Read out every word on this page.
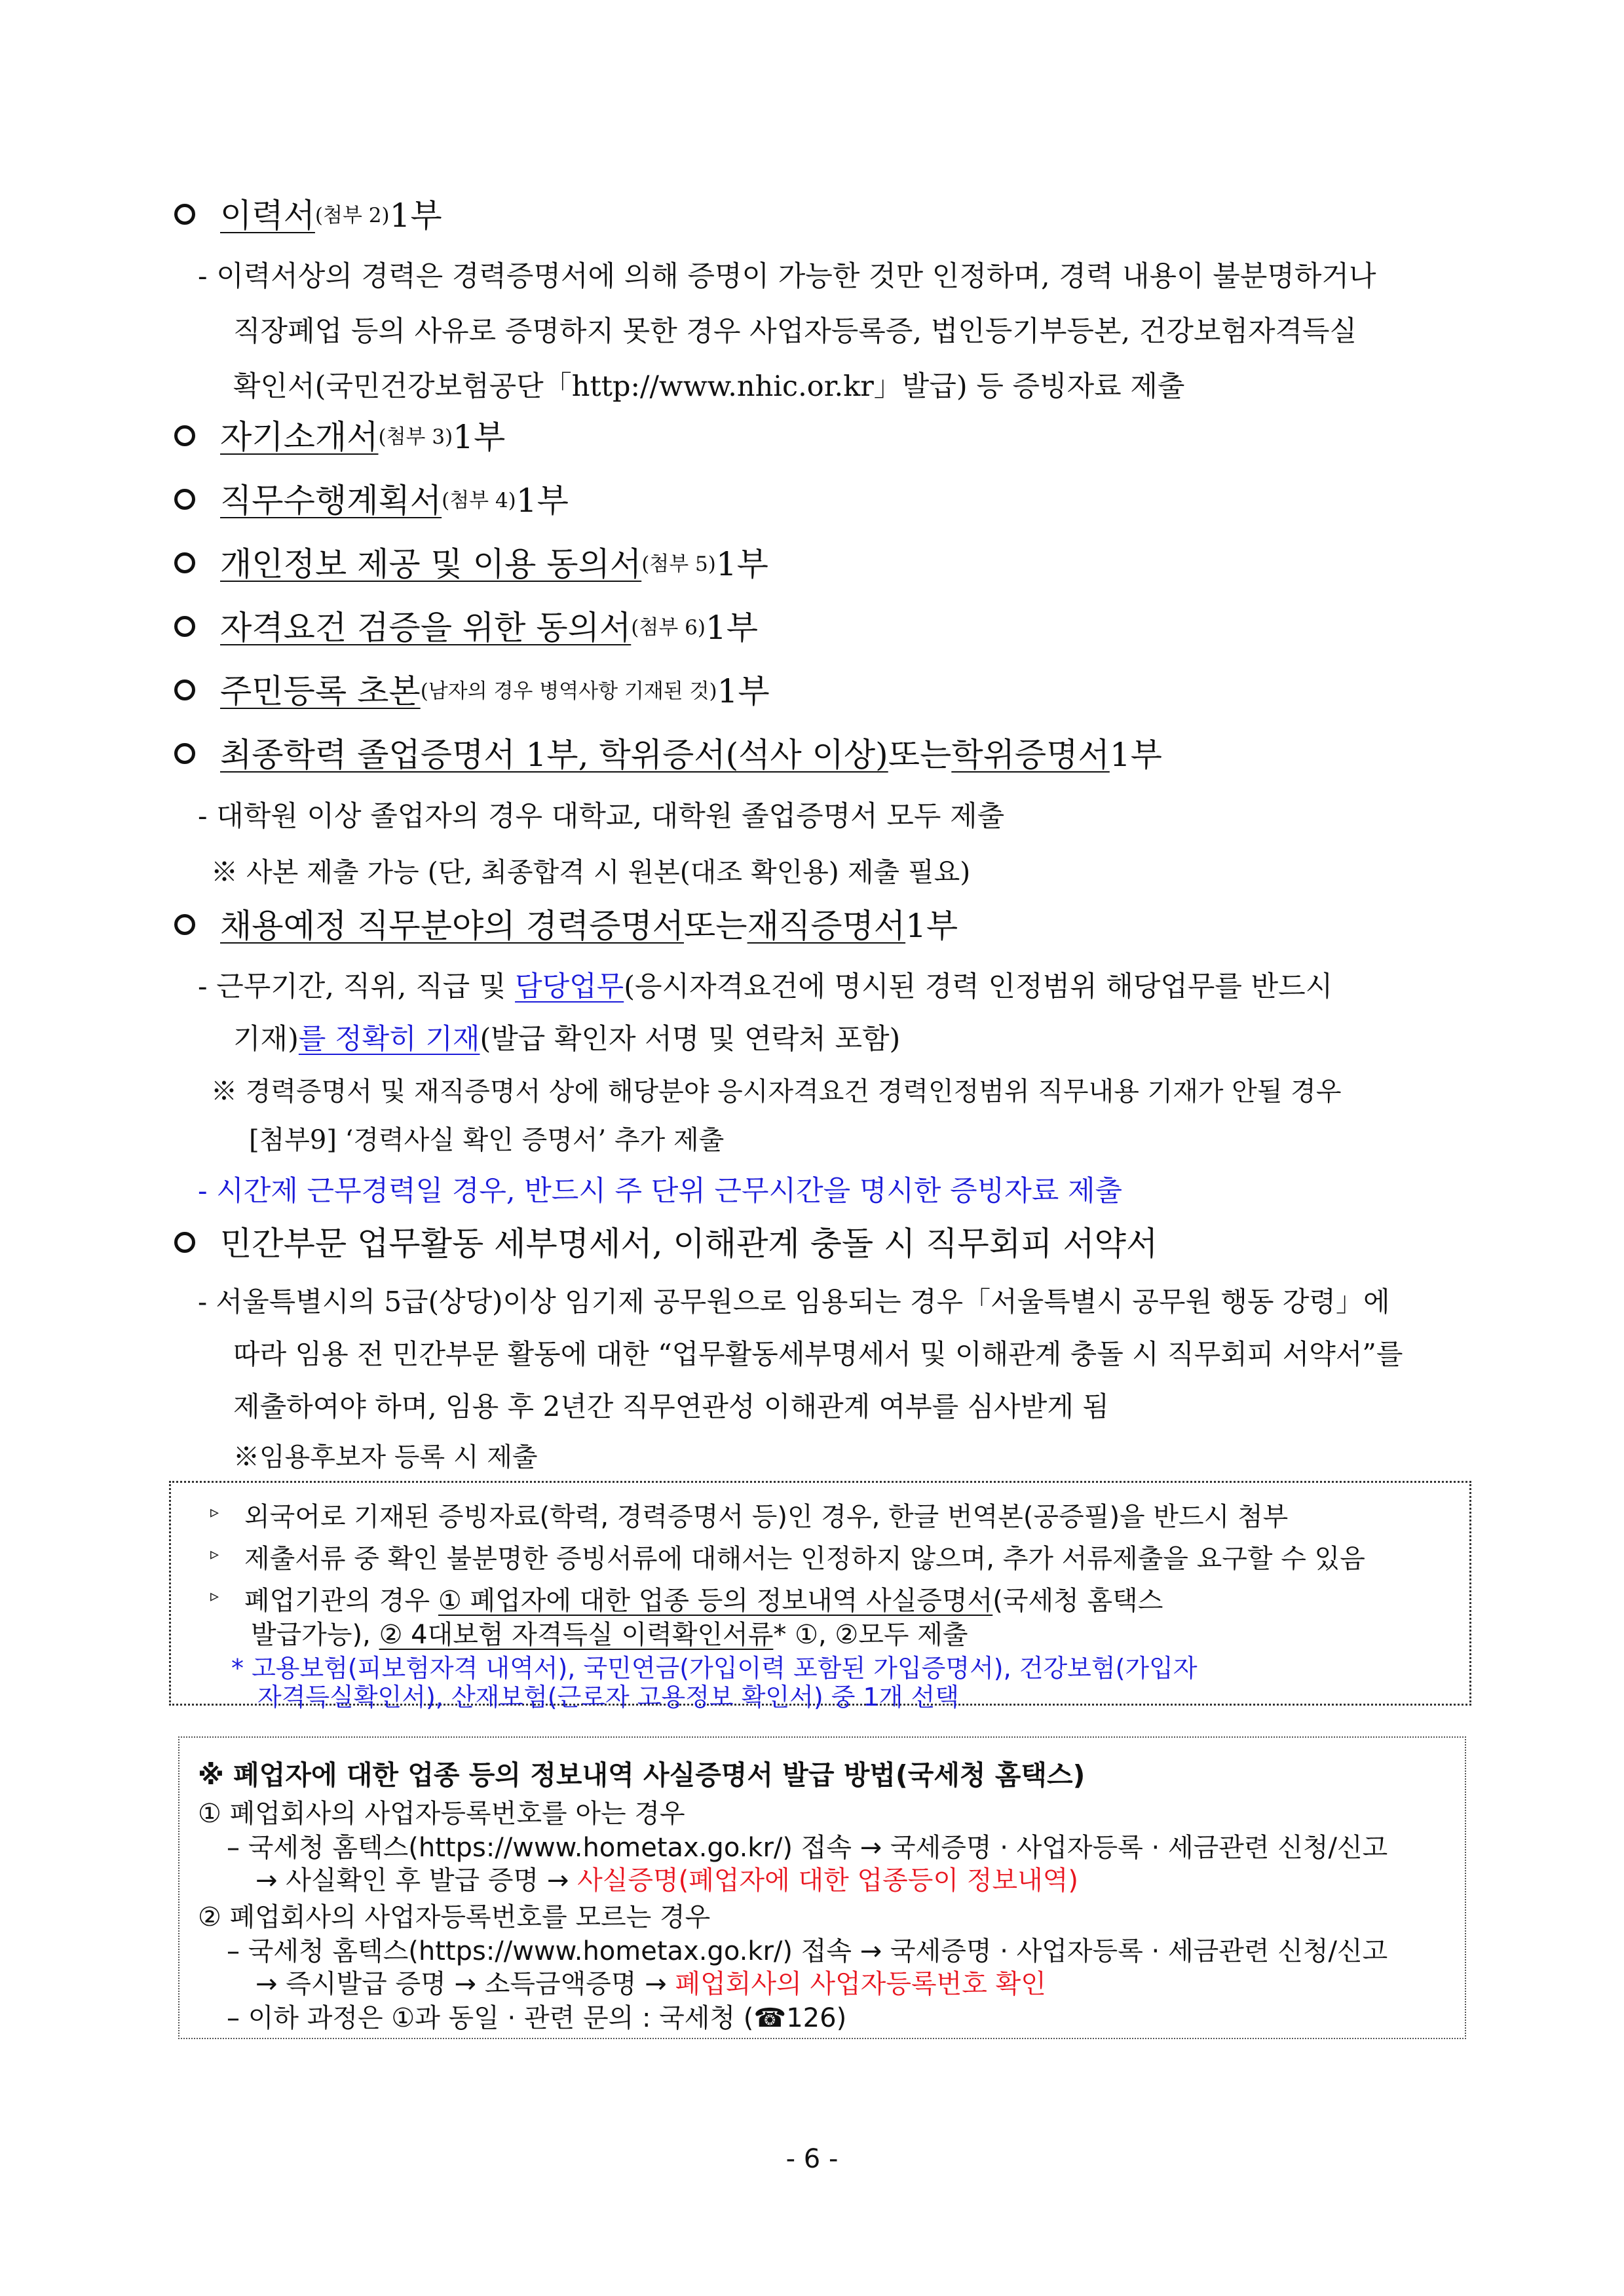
이력서 (첨부 2) 1부
- 이력서상의 경력은 경력증명서에 의해 증명이 가능한 것만 인정하며, 경력 내용이 불분명하거나
직장폐업 등의 사유로 증명하지 못한 경우 사업자등록증, 법인등기부등본, 건강보험자격득실
확인서(국민건강보험공단「http://www.nhic.or.kr」발급) 등 증빙자료 제출
자기소개서 (첨부 3) 1부
직무수행계획서 (첨부 4) 1부
개인정보 제공 및 이용 동의서 (첨부 5) 1부
자격요건 검증을 위한 동의서 (첨부 6) 1부
주민등록 초본 (남자의 경우 병역사항 기재된 것) 1부
최종학력 졸업증명서 1부, 학위증서(석사 이상) 또는 학위증명서 1부
- 대학원 이상 졸업자의 경우 대학교, 대학원 졸업증명서 모두 제출
※ 사본 제출 가능 (단, 최종합격 시 원본(대조 확인용) 제출 필요)
채용예정 직무분야의 경력증명서 또는 재직증명서 1부
- 근무기간, 직위, 직급 및 담당업무(응시자격요건에 명시된 경력 인정범위 해당업무를 반드시
기재)를 정확히 기재(발급 확인자 서명 및 연락처 포함)
※ 경력증명서 및 재직증명서 상에 해당분야 응시자격요건 경력인정범위 직무내용 기재가 안될 경우
[첨부9] ‘경력사실 확인 증명서’ 추가 제출
- 시간제 근무경력일 경우, 반드시 주 단위 근무시간을 명시한 증빙자료 제출
민간부문 업무활동 세부명세서, 이해관계 충돌 시 직무회피 서약서
- 서울특별시의 5급(상당)이상 임기제 공무원으로 임용되는 경우「서울특별시 공무원 행동 강령」에
따라 임용 전 민간부문 활동에 대한 “업무활동세부명세서 및 이해관계 충돌 시 직무회피 서약서”를
제출하여야 하며, 임용 후 2년간 직무연관성 이해관계 여부를 심사받게 됨
※임용후보자 등록 시 제출
▹ 외국어로 기재된 증빙자료(학력, 경력증명서 등)인 경우, 한글 번역본(공증필)을 반드시 첨부
▹ 제출서류 중 확인 불분명한 증빙서류에 대해서는 인정하지 않으며, 추가 서류제출을 요구할 수 있음
▹ 폐업기관의 경우 ① 폐업자에 대한 업종 등의 정보내역 사실증명서(국세청 홈택스
발급가능), ② 4대보험 자격득실 이력확인서류* ①, ②모두 제출
* 고용보험(피보험자격 내역서), 국민연금(가입이력 포함된 가입증명서), 건강보험(가입자
자격득실확인서), 산재보험(근로자 고용정보 확인서) 중 1개 선택
※ 폐업자에 대한 업종 등의 정보내역 사실증명서 발급 방법(국세청 홈택스)
① 폐업회사의 사업자등록번호를 아는 경우
– 국세청 홈텍스(https://www.hometax.go.kr/) 접속 → 국세증명 · 사업자등록 · 세금관련 신청/신고
→ 사실확인 후 발급 증명 → 사실증명(폐업자에 대한 업종등이 정보내역)
② 폐업회사의 사업자등록번호를 모르는 경우
– 국세청 홈텍스(https://www.hometax.go.kr/) 접속 → 국세증명 · 사업자등록 · 세금관련 신청/신고
→ 즉시발급 증명 → 소득금액증명 → 폐업회사의 사업자등록번호 확인
– 이하 과정은 ①과 동일 · 관련 문의 : 국세청 (☎126)
- 6 -
